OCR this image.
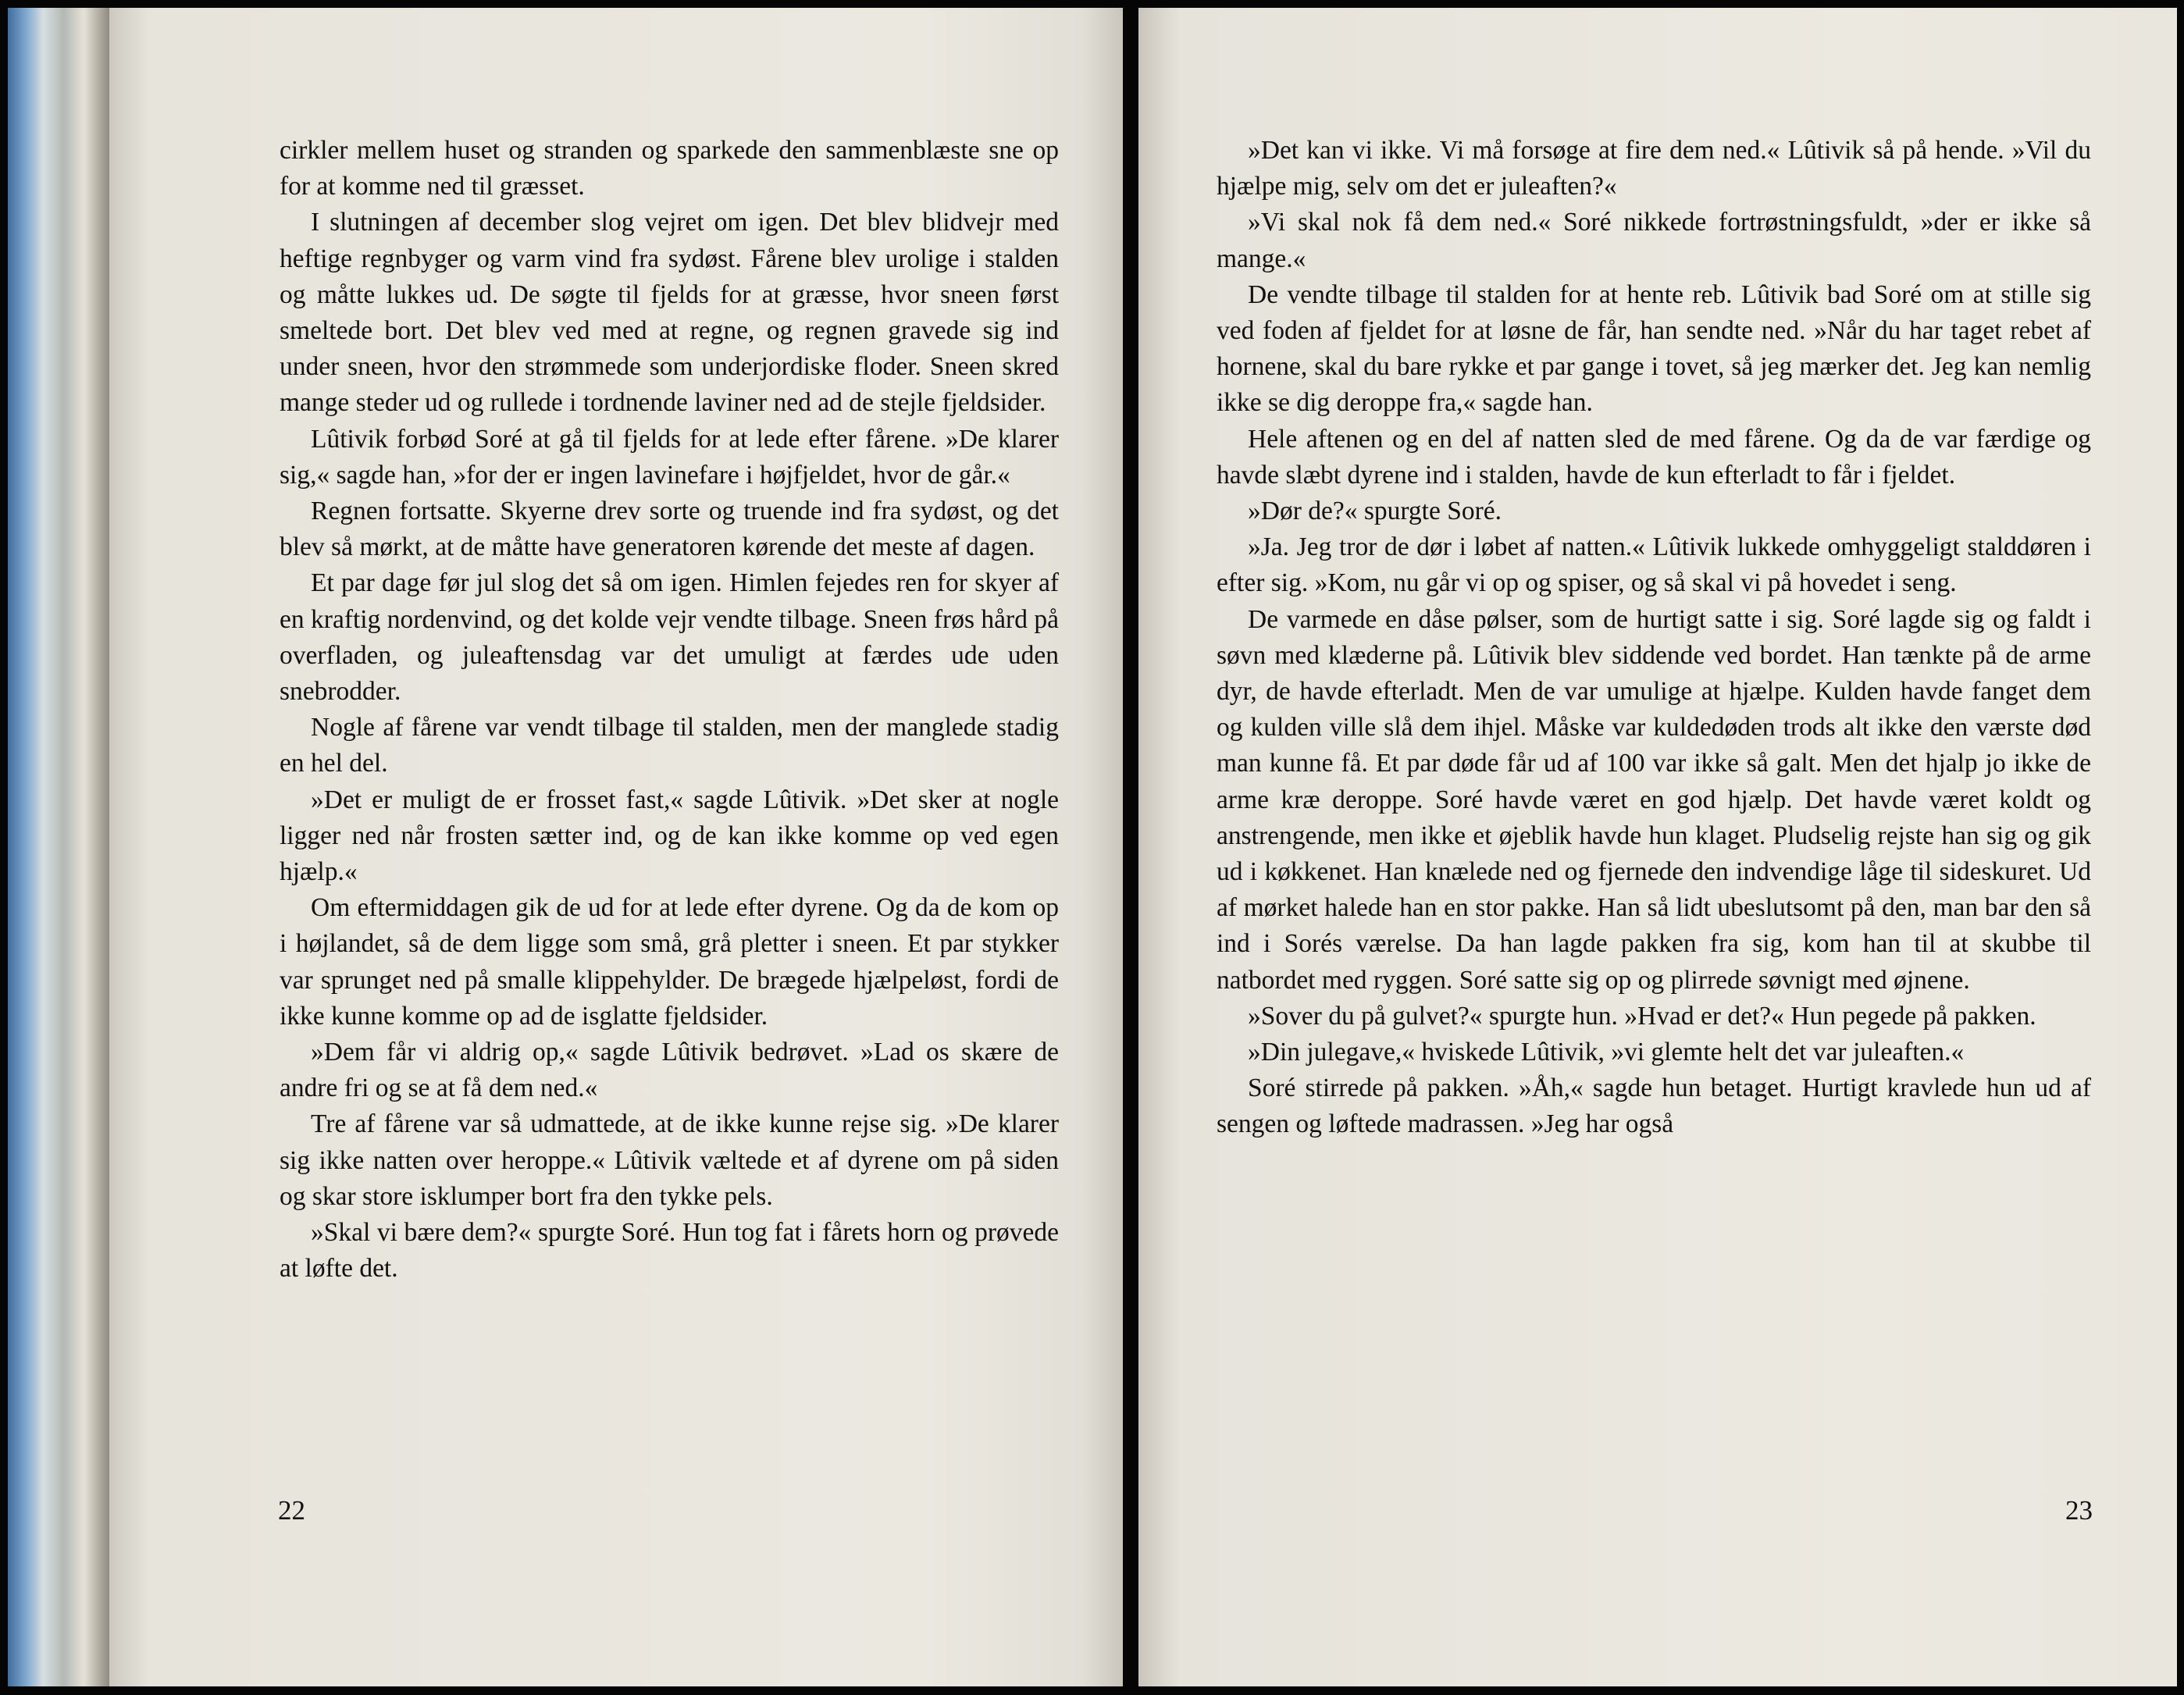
cirkler mellem huset og stranden og sparkede den sammenblæste sne op for at komme ned til græsset.

I slutningen af december slog vejret om igen. Det blev blidvejr med heftige regnbyger og varm vind fra sydøst. Fårene blev urolige i stalden og måtte lukkes ud. De søgte til fjelds for at græsse, hvor sneen først smeltede bort. Det blev ved med at regne, og regnen gravede sig ind under sneen, hvor den strømmede som underjordiske floder. Sneen skred mange steder ud og rullede i tordnende laviner ned ad de stejle fjeldsider.

Lûtivik forbød Soré at gå til fjelds for at lede efter fårene. »De klarer sig,« sagde han, »for der er ingen lavinefare i højfjeldet, hvor de går.«

Regnen fortsatte. Skyerne drev sorte og truende ind fra sydøst, og det blev så mørkt, at de måtte have generatoren kørende det meste af dagen.

Et par dage før jul slog det så om igen. Himlen fejedes ren for skyer af en kraftig nordenvind, og det kolde vejr vendte tilbage. Sneen frøs hård på overfladen, og juleaftensdag var det umuligt at færdes ude uden snebrodder.

Nogle af fårene var vendt tilbage til stalden, men der manglede stadig en hel del.

»Det er muligt de er frosset fast,« sagde Lûtivik. »Det sker at nogle ligger ned når frosten sætter ind, og de kan ikke komme op ved egen hjælp.«

Om eftermiddagen gik de ud for at lede efter dyrene. Og da de kom op i højlandet, så de dem ligge som små, grå pletter i sneen. Et par stykker var sprunget ned på smalle klippehylder. De brægede hjælpeløst, fordi de ikke kunne komme op ad de isglatte fjeldsider.

»Dem får vi aldrig op,« sagde Lûtivik bedrøvet. »Lad os skære de andre fri og se at få dem ned.«

Tre af fårene var så udmattede, at de ikke kunne rejse sig. »De klarer sig ikke natten over heroppe.« Lûtivik væltede et af dyrene om på siden og skar store isklumper bort fra den tykke pels.

»Skal vi bære dem?« spurgte Soré. Hun tog fat i fårets horn og prøvede at løfte det.

22

»Det kan vi ikke. Vi må forsøge at fire dem ned.« Lûtivik så på hende. »Vil du hjælpe mig, selv om det er juleaften?«

»Vi skal nok få dem ned.« Soré nikkede fortrøstningsfuldt, »der er ikke så mange.«

De vendte tilbage til stalden for at hente reb. Lûtivik bad Soré om at stille sig ved foden af fjeldet for at løsne de får, han sendte ned. »Når du har taget rebet af hornene, skal du bare rykke et par gange i tovet, så jeg mærker det. Jeg kan nemlig ikke se dig deroppe fra,« sagde han.

Hele aftenen og en del af natten sled de med fårene. Og da de var færdige og havde slæbt dyrene ind i stalden, havde de kun efterladt to får i fjeldet.

»Dør de?« spurgte Soré.

»Ja. Jeg tror de dør i løbet af natten.« Lûtivik lukkede omhyggeligt stalddøren i efter sig. »Kom, nu går vi op og spiser, og så skal vi på hovedet i seng.

De varmede en dåse pølser, som de hurtigt satte i sig. Soré lagde sig og faldt i søvn med klæderne på. Lûtivik blev siddende ved bordet. Han tænkte på de arme dyr, de havde efterladt. Men de var umulige at hjælpe. Kulden havde fanget dem og kulden ville slå dem ihjel. Måske var kuldedøden trods alt ikke den værste død man kunne få. Et par døde får ud af 100 var ikke så galt. Men det hjalp jo ikke de arme kræ deroppe. Soré havde været en god hjælp. Det havde været koldt og anstrengende, men ikke et øjeblik havde hun klaget. Pludselig rejste han sig og gik ud i køkkenet. Han knælede ned og fjernede den indvendige låge til sideskuret. Ud af mørket halede han en stor pakke. Han så lidt ubeslutsomt på den, man bar den så ind i Sorés værelse. Da han lagde pakken fra sig, kom han til at skubbe til natbordet med ryggen. Soré satte sig op og plirrede søvnigt med øjnene.

»Sover du på gulvet?« spurgte hun. »Hvad er det?« Hun pegede på pakken.

»Din julegave,« hviskede Lûtivik, »vi glemte helt det var juleaften.«

Soré stirrede på pakken. »Åh,« sagde hun betaget. Hurtigt kravlede hun ud af sengen og løftede madrassen. »Jeg har også

23
